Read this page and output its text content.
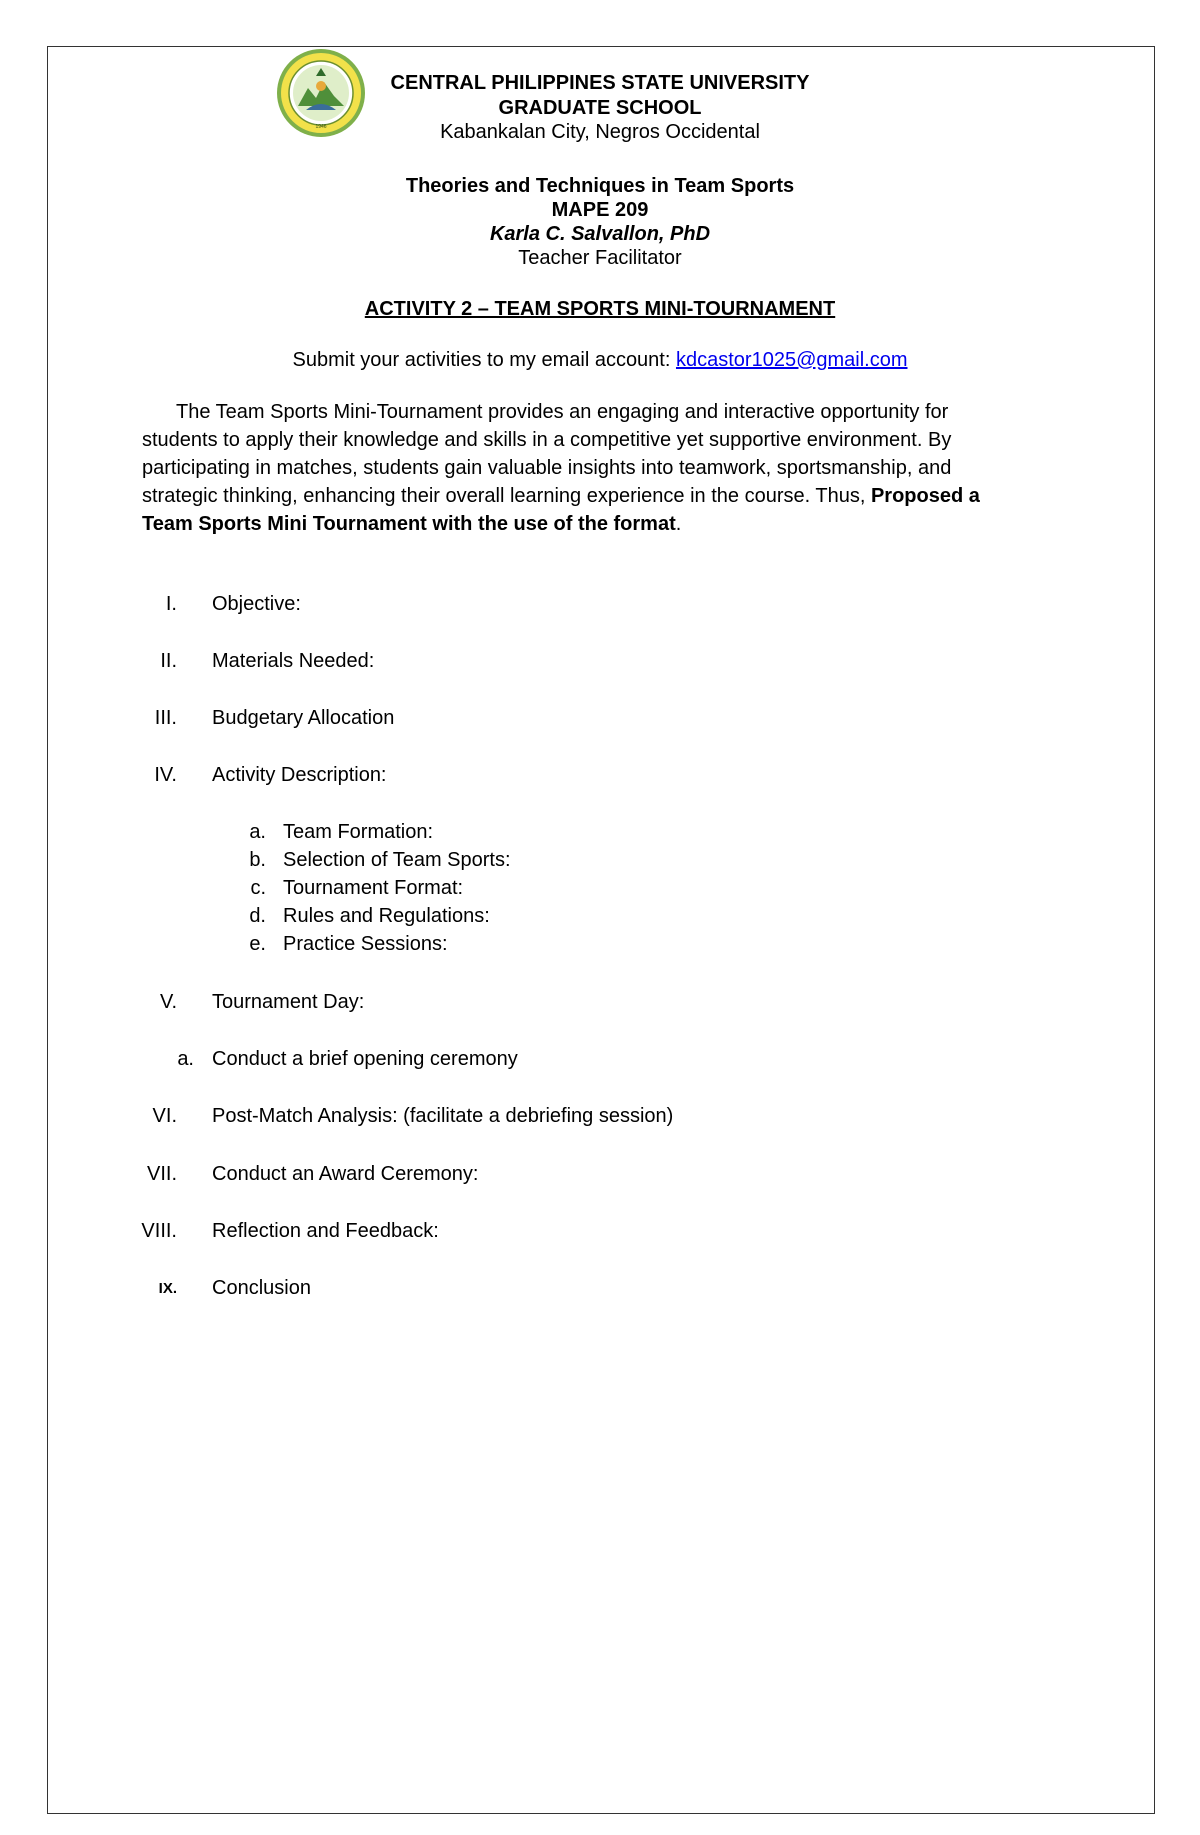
1946
CENTRAL PHILIPPINES STATE UNIVERSITY
GRADUATE SCHOOL
Kabankalan City, Negros Occidental
Theories and Techniques in Team Sports
MAPE 209
Karla C. Salvallon, PhD
Teacher Facilitator
ACTIVITY 2 – TEAM SPORTS MINI-TOURNAMENT
Submit your activities to my email account: kdcastor1025@gmail.com
The Team Sports Mini-Tournament provides an engaging and interactive opportunity for
students to apply their knowledge and skills in a competitive yet supportive environment. By
participating in matches, students gain valuable insights into teamwork, sportsmanship, and
strategic thinking, enhancing their overall learning experience in the course. Thus, Proposed a
Team Sports Mini Tournament with the use of the format.
I. Objective:
II. Materials Needed:
III. Budgetary Allocation
IV. Activity Description:
a. Team Formation:
b. Selection of Team Sports:
c. Tournament Format:
d. Rules and Regulations:
e. Practice Sessions:
V. Tournament Day:
a. Conduct a brief opening ceremony
VI. Post-Match Analysis: (facilitate a debriefing session)
VII. Conduct an Award Ceremony:
VIII. Reflection and Feedback:
IX. Conclusion
